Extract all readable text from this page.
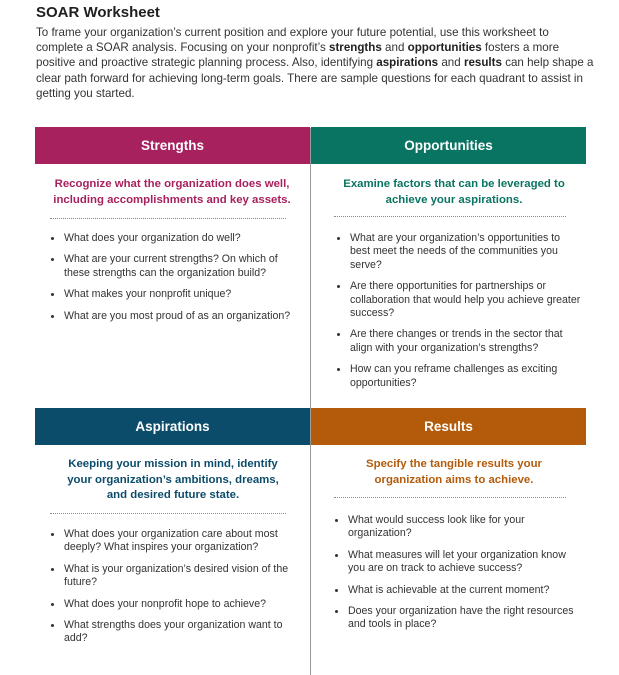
SOAR Worksheet
To frame your organization’s current position and explore your future potential, use this worksheet to complete a SOAR analysis. Focusing on your nonprofit’s strengths and opportunities fosters a more positive and proactive strategic planning process. Also, identifying aspirations and results can help shape a clear path forward for achieving long-term goals. There are sample questions for each quadrant to assist in getting you started.
Strengths
Recognize what the organization does well, including accomplishments and key assets.
• What does your organization do well?
• What are your current strengths? On which of these strengths can the organization build?
• What makes your nonprofit unique?
• What are you most proud of as an organization?
Opportunities
Examine factors that can be leveraged to achieve your aspirations.
• What are your organization’s opportunities to best meet the needs of the communities you serve?
• Are there opportunities for partnerships or collaboration that would help you achieve greater success?
• Are there changes or trends in the sector that align with your organization’s strengths?
• How can you reframe challenges as exciting opportunities?
Aspirations
Keeping your mission in mind, identify your organization’s ambitions, dreams, and desired future state.
• What does your organization care about most deeply? What inspires your organization?
• What is your organization’s desired vision of the future?
• What does your nonprofit hope to achieve?
• What strengths does your organization want to add?
Results
Specify the tangible results your organization aims to achieve.
• What would success look like for your organization?
• What measures will let your organization know you are on track to achieve success?
• What is achievable at the current moment?
• Does your organization have the right resources and tools in place?
